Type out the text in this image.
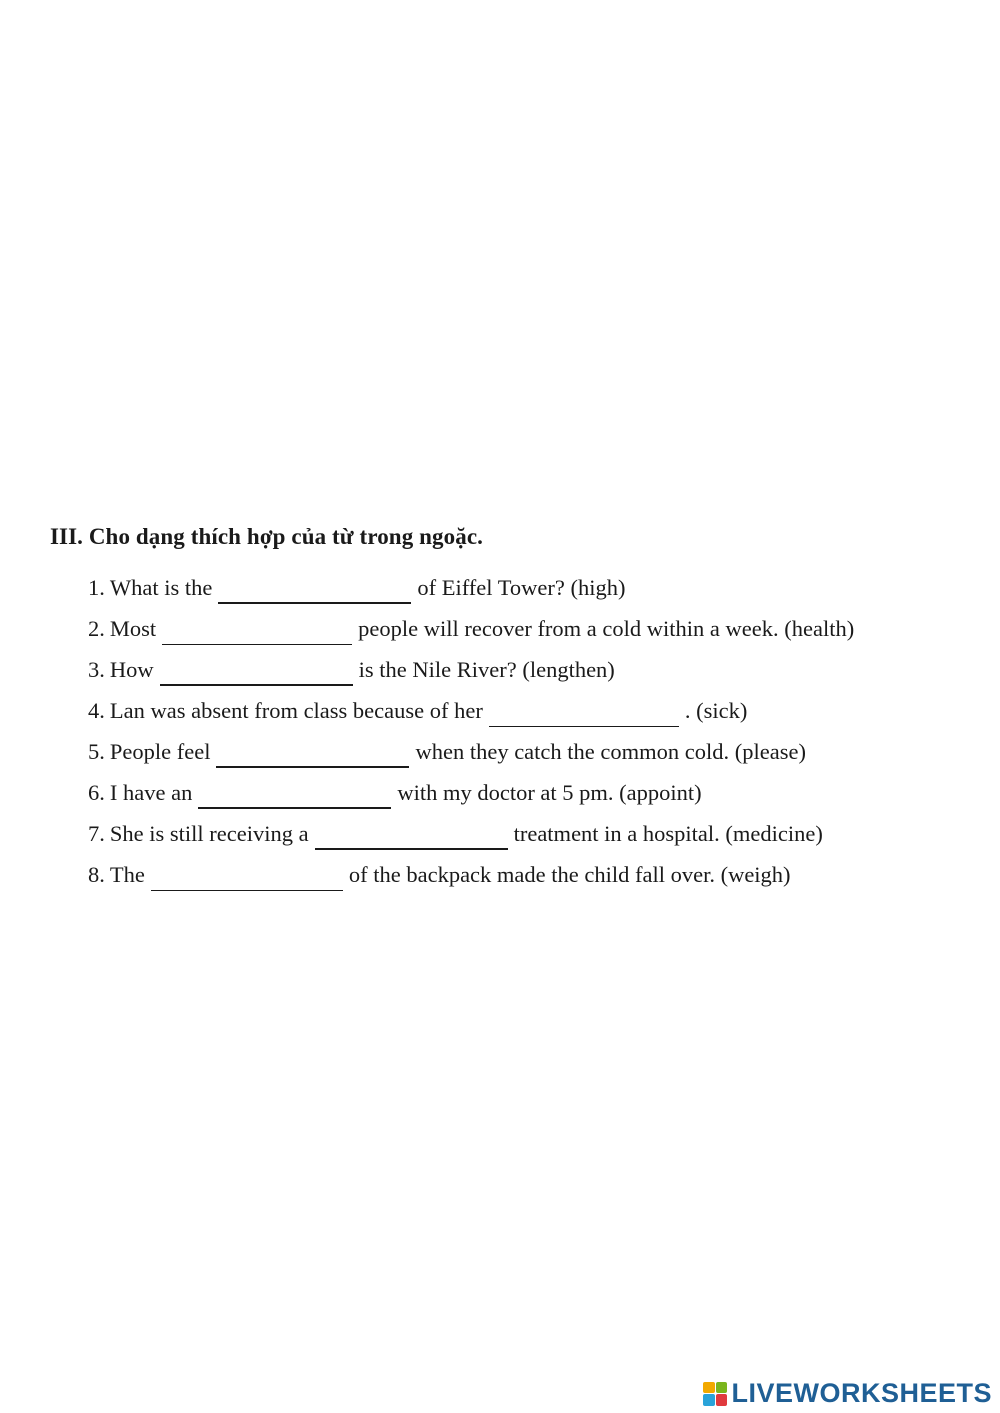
III. Cho dạng thích hợp của từ trong ngoặc.
1. What is the	of Eiffel Tower? (high)
2. Most	people will recover from a cold within a week. (health)
3. How	is the Nile River? (lengthen)
4. Lan was absent from class because of her	. (sick)
5. People feel	when they catch the common cold. (please)
6. I have an	with my doctor at 5 pm. (appoint)
7. She is still receiving a	treatment in a hospital. (medicine)
8. The	of the backpack made the child fall over. (weigh)
LIVEWORKSHEETS
